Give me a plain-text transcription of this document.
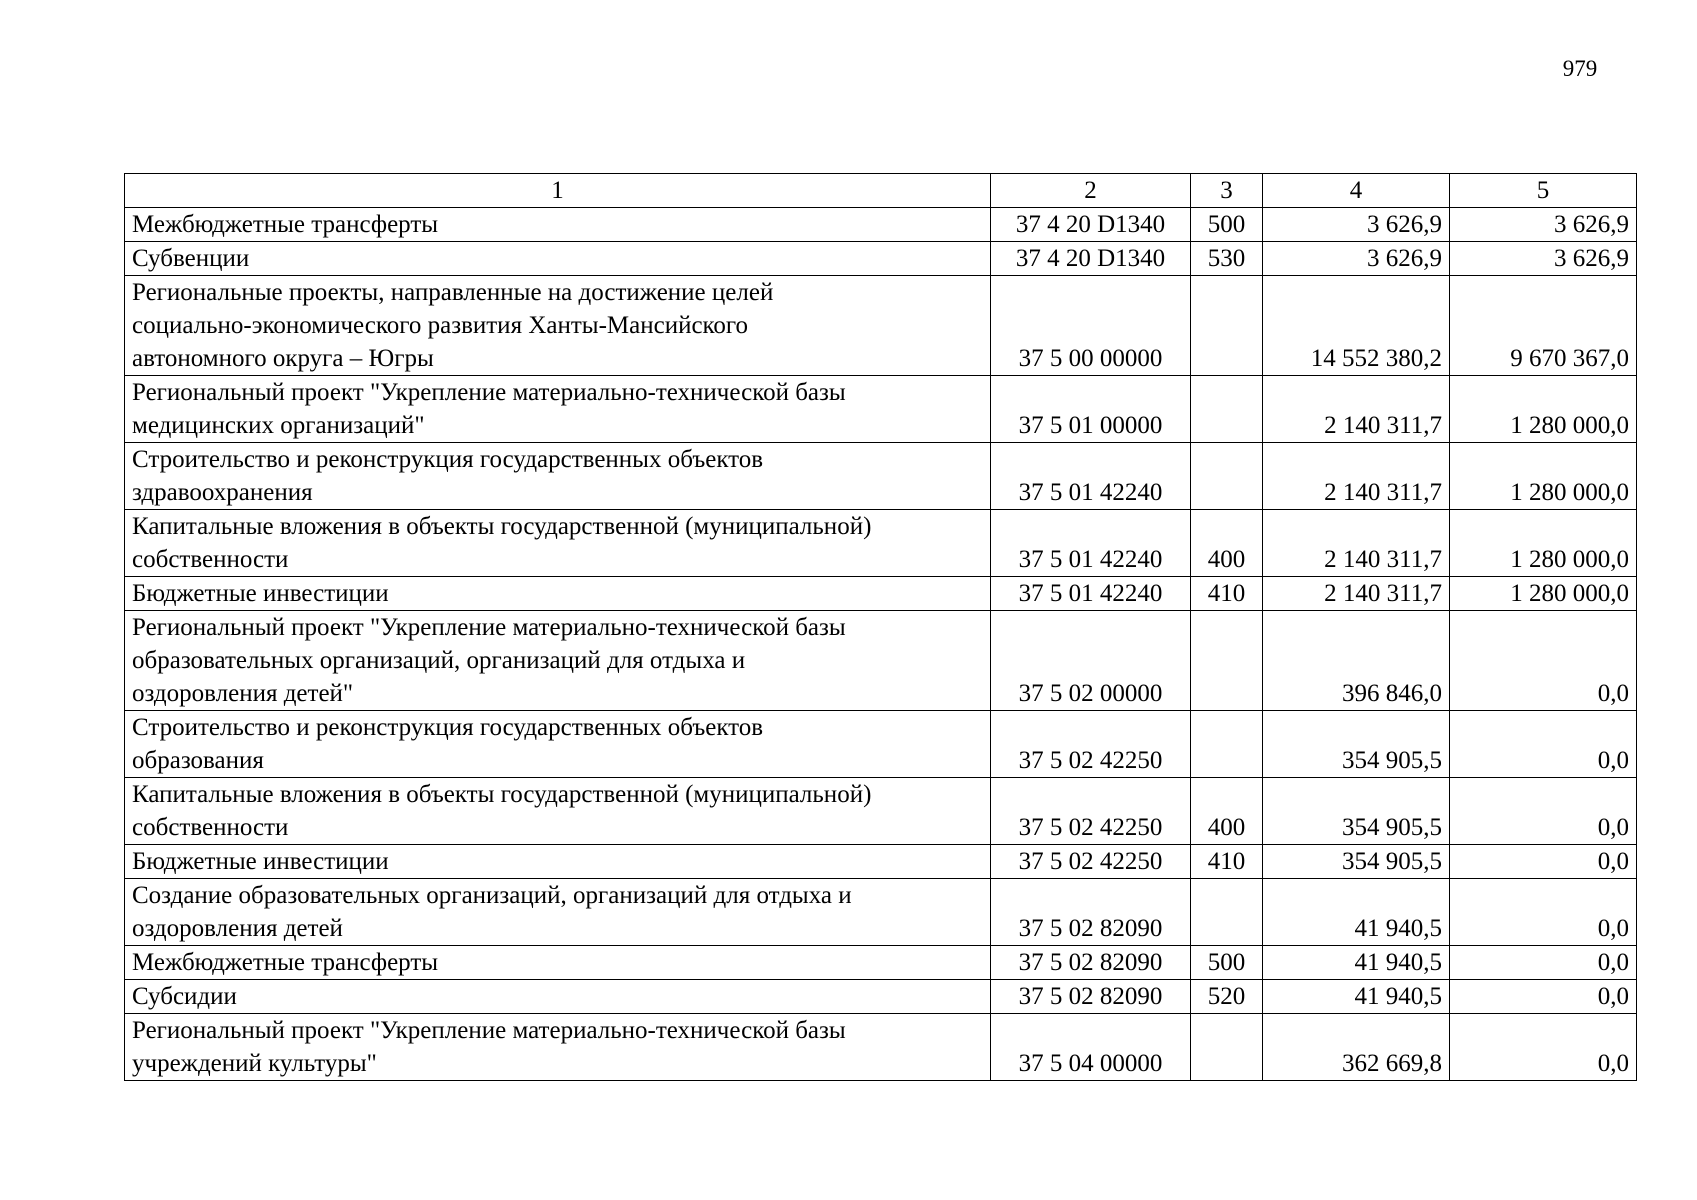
979
1	2	3	4	5
Межбюджетные трансферты	37 4 20 D1340	500	3 626,9	3 626,9
Субвенции	37 4 20 D1340	530	3 626,9	3 626,9
Региональные проекты, направленные на достижение целей
социально-экономического развития Ханты-Мансийского
автономного округа – Югры	37 5 00 00000		14 552 380,2	9 670 367,0
Региональный проект "Укрепление материально-технической базы
медицинских организаций"	37 5 01 00000		2 140 311,7	1 280 000,0
Строительство и реконструкция государственных объектов
здравоохранения	37 5 01 42240		2 140 311,7	1 280 000,0
Капитальные вложения в объекты государственной (муниципальной)
собственности	37 5 01 42240	400	2 140 311,7	1 280 000,0
Бюджетные инвестиции	37 5 01 42240	410	2 140 311,7	1 280 000,0
Региональный проект "Укрепление материально-технической базы
образовательных организаций, организаций для отдыха и
оздоровления детей"	37 5 02 00000		396 846,0	0,0
Строительство и реконструкция государственных объектов
образования	37 5 02 42250		354 905,5	0,0
Капитальные вложения в объекты государственной (муниципальной)
собственности	37 5 02 42250	400	354 905,5	0,0
Бюджетные инвестиции	37 5 02 42250	410	354 905,5	0,0
Создание образовательных организаций, организаций для отдыха и
оздоровления детей	37 5 02 82090		41 940,5	0,0
Межбюджетные трансферты	37 5 02 82090	500	41 940,5	0,0
Субсидии	37 5 02 82090	520	41 940,5	0,0
Региональный проект "Укрепление материально-технической базы
учреждений культуры"	37 5 04 00000		362 669,8	0,0
